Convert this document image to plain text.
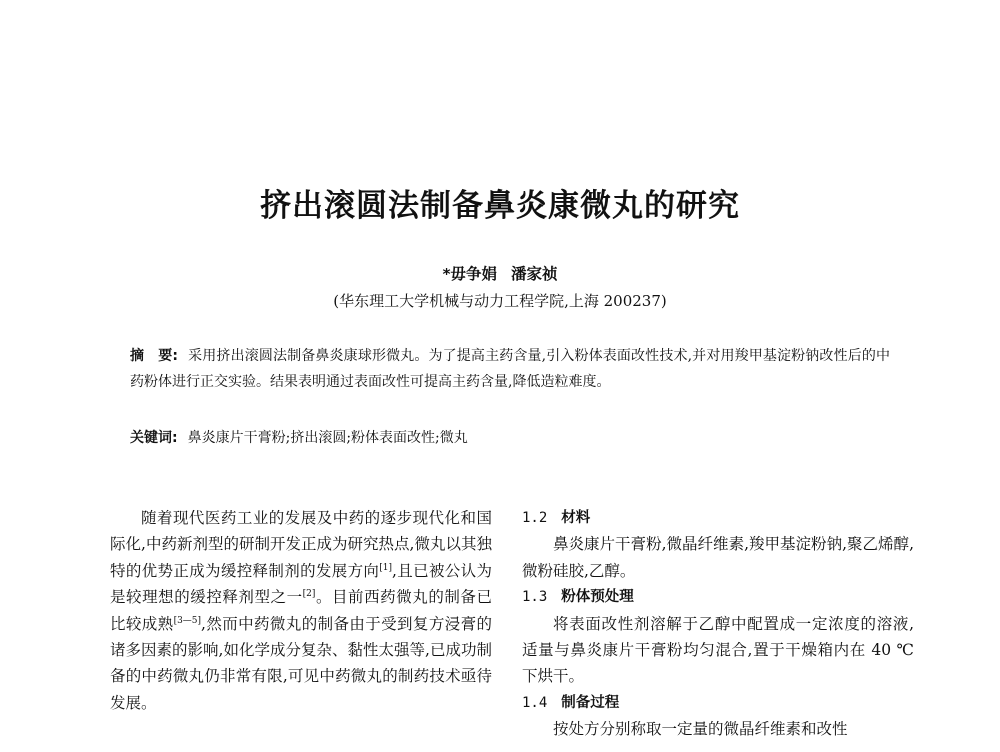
挤出滚圆法制备鼻炎康微丸的研究
*毋争娟 潘家祯
(华东理工大学机械与动力工程学院,上海 200237)
摘　要: 采用挤出滚圆法制备鼻炎康球形微丸。为了提高主药含量,引入粉体表面改性技术,并对用羧甲基淀粉钠改性后的中药粉体进行正交实验。结果表明通过表面改性可提高主药含量,降低造粒难度。
关键词: 鼻炎康片干膏粉;挤出滚圆;粉体表面改性;微丸

随着现代医药工业的发展及中药的逐步现代化和国际化,中药新剂型的研制开发正成为研究热点,微丸以其独特的优势正成为缓控释制剂的发展方向[1],且已被公认为是较理想的缓控释剂型之一[2]。目前西药微丸的制备已比较成熟[3—5],然而中药微丸的制备由于受到复方浸膏的诸多因素的影响,如化学成分复杂、黏性太强等,已成功制备的中药微丸仍非常有限,可见中药微丸的制药技术亟待发展。

1.2 材料

鼻炎康片干膏粉,微晶纤维素,羧甲基淀粉钠,聚乙烯醇,微粉硅胶,乙醇。

1.3 粉体预处理

将表面改性剂溶解于乙醇中配置成一定浓度的溶液,适量与鼻炎康片干膏粉均匀混合,置于干燥箱内在 40 ℃下烘干。

1.4 制备过程

按处方分别称取一定量的微晶纤维素和改性
